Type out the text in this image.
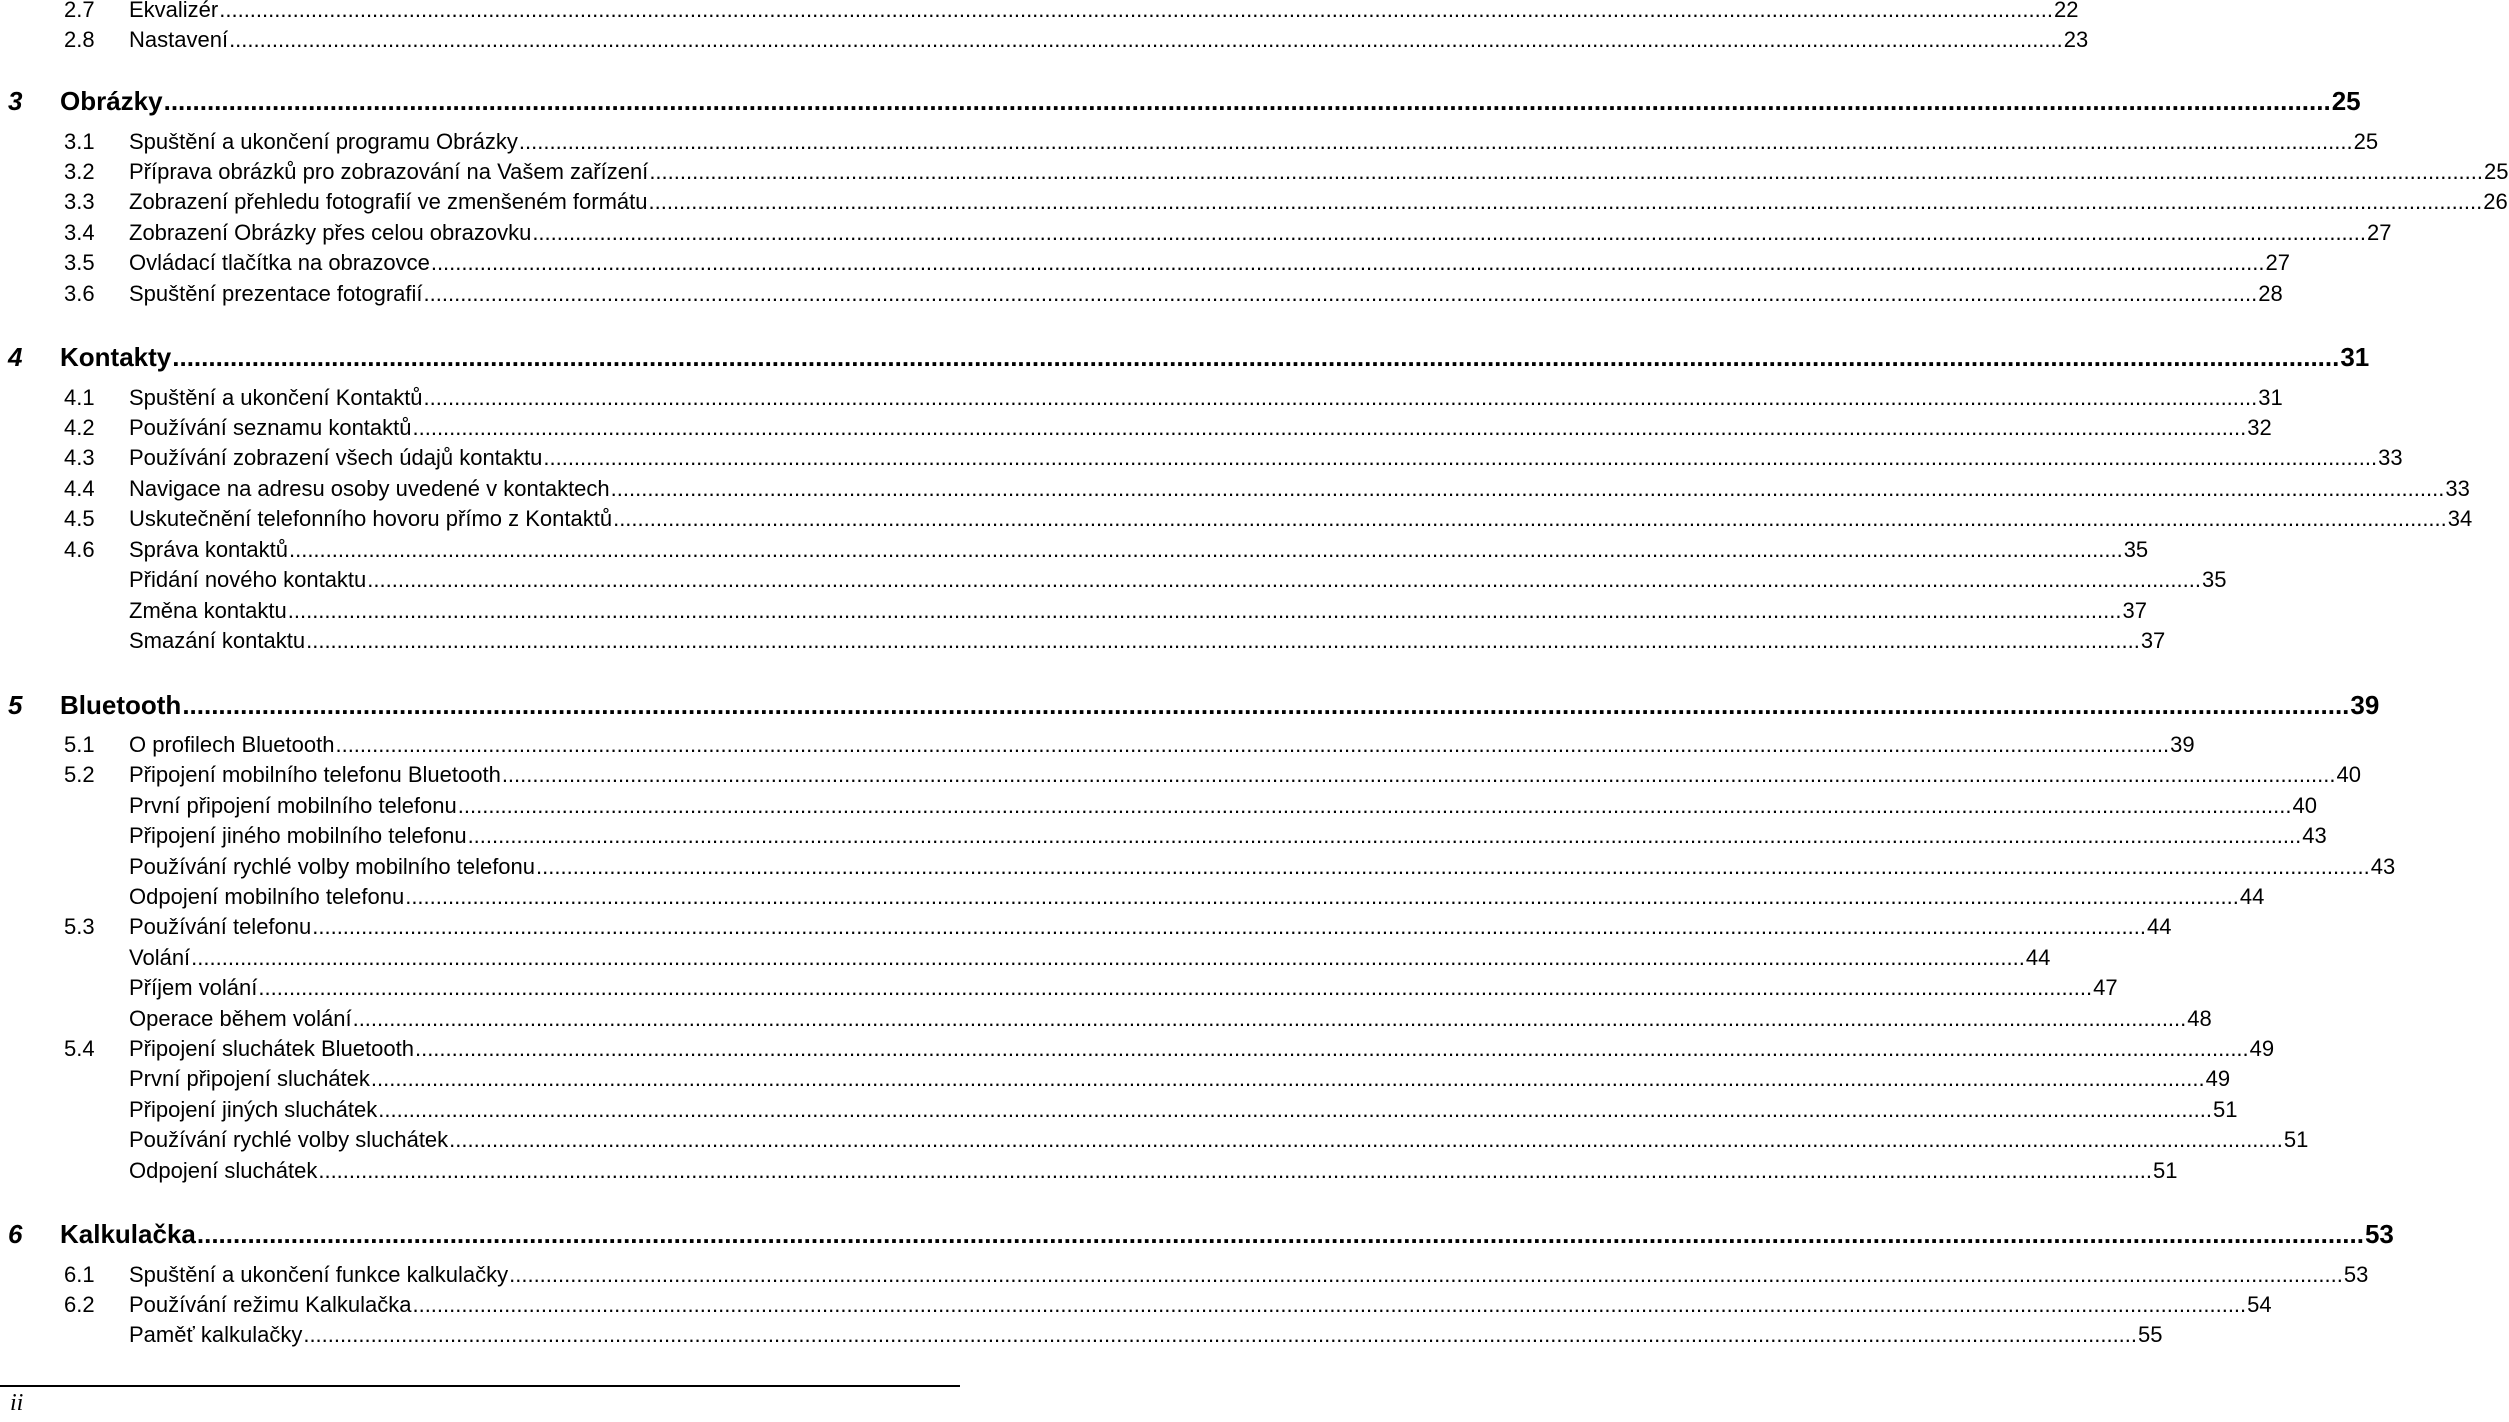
2.7 Ekvalizér ............................................................................................................................................................................................................................................................................................................ 22
2.8 Nastavení ............................................................................................................................................................................................................................................................................................................ 23
3 Obrázky ............................................................................................................................................................................................................................................................................................................ 25
3.1 Spuštění a ukončení programu Obrázky ............................................................................................................................................................................................................................................................................................................ 25
3.2 Příprava obrázků pro zobrazování na Vašem zařízení ............................................................................................................................................................................................................................................................................................................ 25
3.3 Zobrazení přehledu fotografií ve zmenšeném formátu ............................................................................................................................................................................................................................................................................................................ 26
3.4 Zobrazení Obrázky přes celou obrazovku ............................................................................................................................................................................................................................................................................................................ 27
3.5 Ovládací tlačítka na obrazovce ............................................................................................................................................................................................................................................................................................................ 27
3.6 Spuštění prezentace fotografií ............................................................................................................................................................................................................................................................................................................ 28
4 Kontakty ............................................................................................................................................................................................................................................................................................................ 31
4.1 Spuštění a ukončení Kontaktů ............................................................................................................................................................................................................................................................................................................ 31
4.2 Používání seznamu kontaktů ............................................................................................................................................................................................................................................................................................................ 32
4.3 Používání zobrazení všech údajů kontaktu ............................................................................................................................................................................................................................................................................................................ 33
4.4 Navigace na adresu osoby uvedené v kontaktech ............................................................................................................................................................................................................................................................................................................ 33
4.5 Uskutečnění telefonního hovoru přímo z Kontaktů ............................................................................................................................................................................................................................................................................................................ 34
4.6 Správa kontaktů ............................................................................................................................................................................................................................................................................................................ 35
Přidání nového kontaktu ............................................................................................................................................................................................................................................................................................................ 35
Změna kontaktu ............................................................................................................................................................................................................................................................................................................ 37
Smazání kontaktu ............................................................................................................................................................................................................................................................................................................ 37
5 Bluetooth ............................................................................................................................................................................................................................................................................................................ 39
5.1 O profilech Bluetooth ............................................................................................................................................................................................................................................................................................................ 39
5.2 Připojení mobilního telefonu Bluetooth ............................................................................................................................................................................................................................................................................................................ 40
První připojení mobilního telefonu ............................................................................................................................................................................................................................................................................................................ 40
Připojení jiného mobilního telefonu ............................................................................................................................................................................................................................................................................................................ 43
Používání rychlé volby mobilního telefonu ............................................................................................................................................................................................................................................................................................................ 43
Odpojení mobilního telefonu ............................................................................................................................................................................................................................................................................................................ 44
5.3 Používání telefonu ............................................................................................................................................................................................................................................................................................................ 44
Volání ............................................................................................................................................................................................................................................................................................................ 44
Příjem volání ............................................................................................................................................................................................................................................................................................................ 47
Operace během volání ............................................................................................................................................................................................................................................................................................................ 48
5.4 Připojení sluchátek Bluetooth ............................................................................................................................................................................................................................................................................................................ 49
První připojení sluchátek ............................................................................................................................................................................................................................................................................................................ 49
Připojení jiných sluchátek ............................................................................................................................................................................................................................................................................................................ 51
Používání rychlé volby sluchátek ............................................................................................................................................................................................................................................................................................................ 51
Odpojení sluchátek ............................................................................................................................................................................................................................................................................................................ 51
6 Kalkulačka ............................................................................................................................................................................................................................................................................................................ 53
6.1 Spuštění a ukončení funkce kalkulačky ............................................................................................................................................................................................................................................................................................................ 53
6.2 Používání režimu Kalkulačka ............................................................................................................................................................................................................................................................................................................ 54
Paměť kalkulačky ............................................................................................................................................................................................................................................................................................................ 55
ii
